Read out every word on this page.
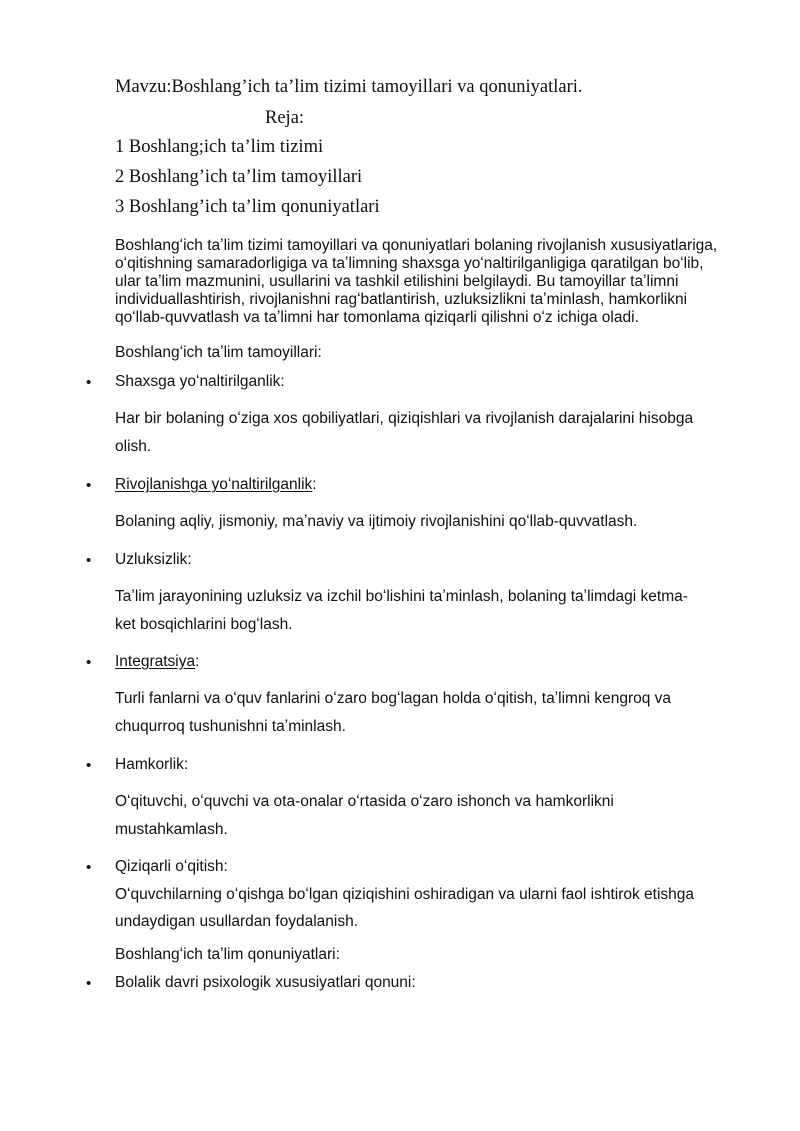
Mavzu:Boshlang’ich ta’lim tizimi tamoyillari va qonuniyatlari.
Reja:
1 Boshlang;ich ta’lim tizimi
2 Boshlang’ich ta’lim tamoyillari
3 Boshlang’ich ta’lim qonuniyatlari
Boshlangʻich taʼlim tizimi tamoyillari va qonuniyatlari bolaning rivojlanish xususiyatlariga,
oʻqitishning samaradorligiga va taʼlimning shaxsga yoʻnaltirilganligiga qaratilgan boʻlib,
ular taʼlim mazmunini, usullarini va tashkil etilishini belgilaydi. Bu tamoyillar taʼlimni
individuallashtirish, rivojlanishni ragʻbatlantirish, uzluksizlikni taʼminlash, hamkorlikni
qoʻllab-quvvatlash va taʼlimni har tomonlama qiziqarli qilishni oʻz ichiga oladi.
Boshlangʻich taʼlim tamoyillari:
• Shaxsga yoʻnaltirilganlik:
Har bir bolaning oʻziga xos qobiliyatlari, qiziqishlari va rivojlanish darajalarini hisobga
olish.
• Rivojlanishga yoʻnaltirilganlik:
Bolaning aqliy, jismoniy, maʼnaviy va ijtimoiy rivojlanishini qoʻllab-quvvatlash.
• Uzluksizlik:
Taʼlim jarayonining uzluksiz va izchil boʻlishini taʼminlash, bolaning taʼlimdagi ketma-
ket bosqichlarini bogʻlash.
• Integratsiya:
Turli fanlarni va oʻquv fanlarini oʻzaro bogʻlagan holda oʻqitish, taʼlimni kengroq va
chuqurroq tushunishni taʼminlash.
• Hamkorlik:
Oʻqituvchi, oʻquvchi va ota-onalar oʻrtasida oʻzaro ishonch va hamkorlikni
mustahkamlash.
• Qiziqarli oʻqitish:
Oʻquvchilarning oʻqishga boʻlgan qiziqishini oshiradigan va ularni faol ishtirok etishga
undaydigan usullardan foydalanish.
Boshlangʻich taʼlim qonuniyatlari:
• Bolalik davri psixologik xususiyatlari qonuni:
